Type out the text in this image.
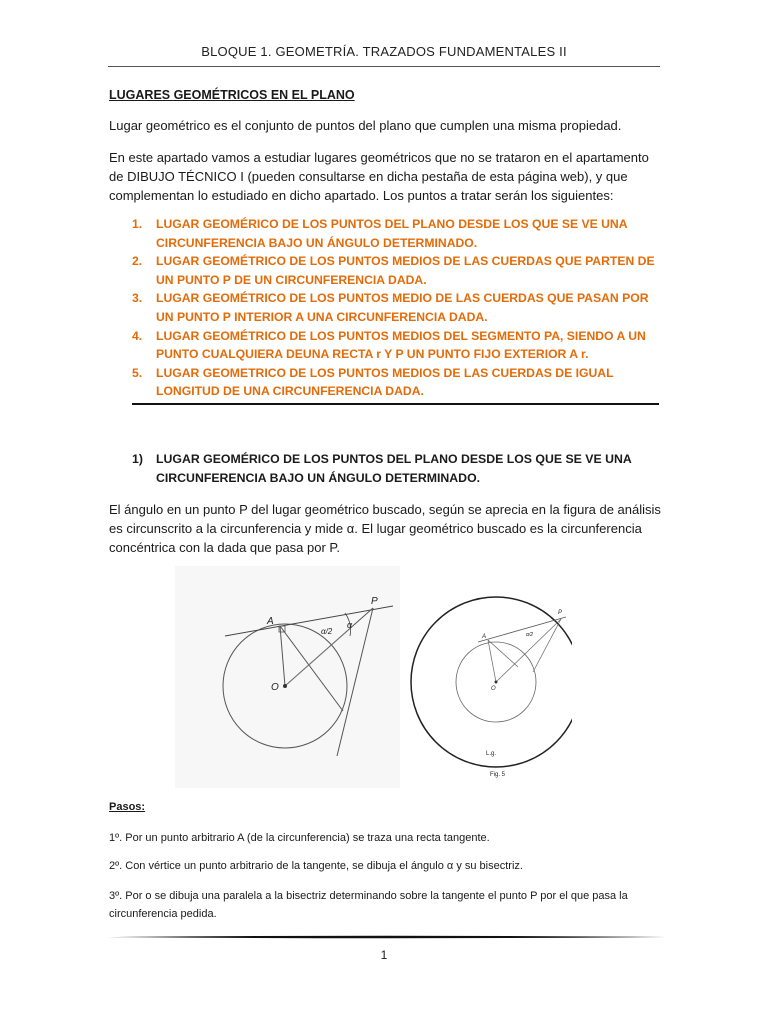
BLOQUE 1. GEOMETRÍA. TRAZADOS FUNDAMENTALES II
LUGARES GEOMÉTRICOS EN EL PLANO
Lugar geométrico es el conjunto de puntos del plano que cumplen una misma propiedad.
En este apartado vamos a estudiar lugares geométricos que no se trataron en el apartamento de DIBUJO TÉCNICO I (pueden consultarse en dicha pestaña de esta página web), y que complementan lo estudiado en dicho apartado. Los puntos a tratar serán los siguientes:
1. LUGAR GEOMÉRICO DE LOS PUNTOS DEL PLANO DESDE LOS QUE SE VE UNA CIRCUNFERENCIA BAJO UN ÁNGULO DETERMINADO.
2. LUGAR GEOMÉTRICO DE LOS PUNTOS MEDIOS DE LAS CUERDAS QUE PARTEN DE UN PUNTO P DE UN CIRCUNFERENCIA DADA.
3. LUGAR GEOMÉTRICO DE LOS PUNTOS MEDIO DE LAS CUERDAS QUE PASAN POR UN PUNTO P INTERIOR A UNA CIRCUNFERENCIA DADA.
4. LUGAR GEOMÉTRICO DE LOS PUNTOS MEDIOS DEL SEGMENTO PA, SIENDO A UN PUNTO CUALQUIERA DEUNA RECTA r Y P UN PUNTO FIJO EXTERIOR A r.
5. LUGAR GEOMETRICO DE LOS PUNTOS MEDIOS DE LAS CUERDAS DE IGUAL LONGITUD DE UNA CIRCUNFERENCIA DADA.
1)	LUGAR GEOMÉRICO DE LOS PUNTOS DEL PLANO DESDE LOS QUE SE VE UNA CIRCUNFERENCIA BAJO UN ÁNGULO DETERMINADO.
El ángulo en un punto P del lugar geométrico buscado, según se aprecia en la figura de análisis es circunscrito a la circunferencia y mide α. El lugar geométrico buscado es la circunferencia concéntrica con la dada que pasa por P.
A
P
O
α/2
α
A
P
O
α/2
L.g.
Fig. 5
Pasos:
1º. Por un punto arbitrario A (de la circunferencia) se traza una recta tangente.
2º. Con vértice un punto arbitrario de la tangente, se dibuja el ángulo α y su bisectriz.
3º. Por o se dibuja una paralela a la bisectriz determinando sobre la tangente el punto P por el que pasa la circunferencia pedida.
1
